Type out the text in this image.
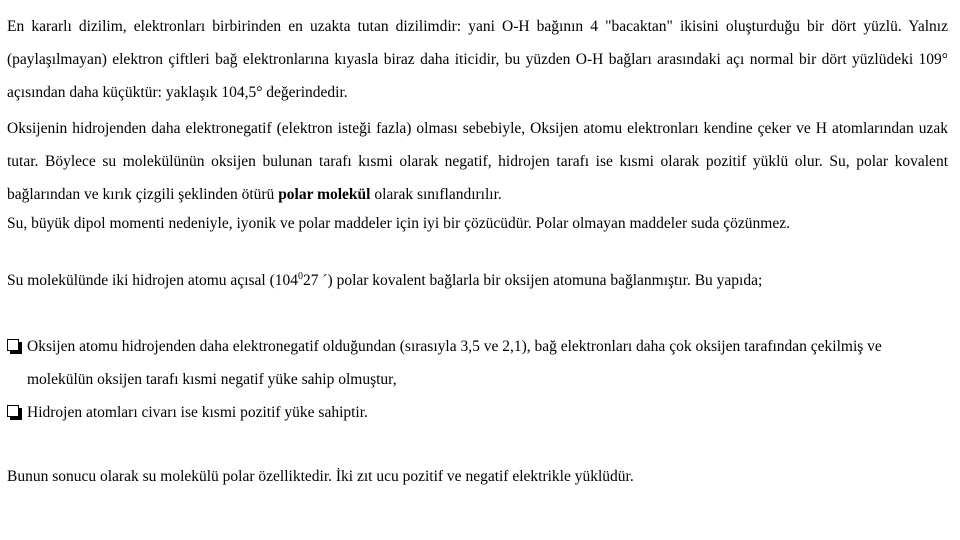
En kararlı dizilim, elektronları birbirinden en uzakta tutan dizilimdir: yani O-H bağının 4 "bacaktan" ikisini oluşturduğu bir dört yüzlü. Yalnız (paylaşılmayan) elektron çiftleri bağ elektronlarına kıyasla biraz daha iticidir, bu yüzden O-H bağları arasındaki açı normal bir dört yüzlüdeki 109° açısından daha küçüktür: yaklaşık 104,5° değerindedir.

Oksijenin hidrojenden daha elektronegatif (elektron isteği fazla) olması sebebiyle, Oksijen atomu elektronları kendine çeker ve H atomlarından uzak tutar. Böylece su molekülünün oksijen bulunan tarafı kısmi olarak negatif, hidrojen tarafı ise kısmi olarak pozitif yüklü olur. Su, polar kovalent bağlarından ve kırık çizgili şeklinden ötürü polar molekül olarak sınıflandırılır.

Su, büyük dipol momenti nedeniyle, iyonik ve polar maddeler için iyi bir çözücüdür. Polar olmayan maddeler suda çözünmez.

Su molekülünde iki hidrojen atomu açısal ($104^027$ ´) polar kovalent bağlarla bir oksijen atomuna bağlanmıştır. Bu yapıda;

Oksijen atomu hidrojenden daha elektronegatif olduğundan (sırasıyla 3,5 ve 2,1), bağ elektronları daha çok oksijen tarafından çekilmiş ve molekülün oksijen tarafı kısmi negatif yüke sahip olmuştur,
Hidrojen atomları civarı ise kısmi pozitif yüke sahiptir.

Bunun sonucu olarak su molekülü polar özelliktedir. İki zıt ucu pozitif ve negatif elektrikle yüklüdür.
